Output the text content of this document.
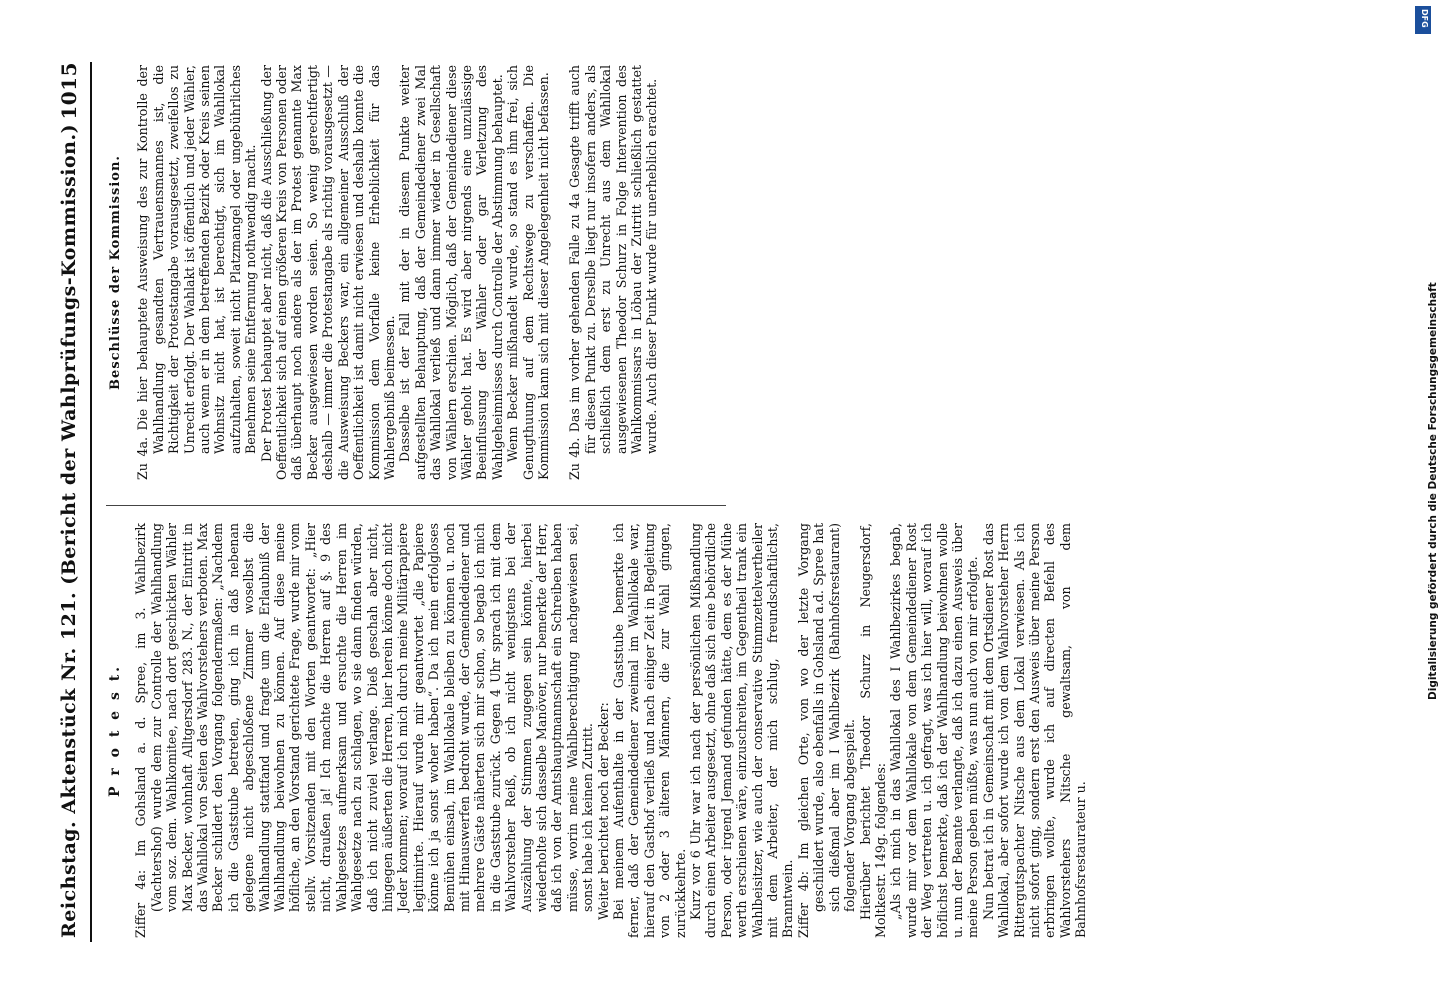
Reichstag. Aktenstück Nr. 121. (Bericht der Wahlprüfungs-Kommission.)
1015
P r o t e s t. Ziffer 4a: Im Gohsland a. d. Spree, im 3. Wahlbezirk (Vachtershof) wurde dem zur Controlle der Wahlhandlung vom soz. dem. Wahlkomitee, nach dort geschickten Wähler Max Becker, wohnhaft Alltgersdorf 283. N., der Eintritt in das Wahllokal von Seiten des Wahlvorstehers verboten. Max Becker schildert den Vorgang folgendermaßen: „Nachdem ich die Gaststube betreten, ging ich in daß nebenan gelegene nicht abgeschloßene Zimmer woselbst die Wahlhandlung stattfand und fragte um die Erlaubniß der Wahlhandlung beiwohnen zu können. Auf diese meine höfliche, an den Vorstand gerichtete Frage, wurde mir vom stellv. Vorsitzenden mit den Worten geantwortet: „Hier nicht, draußen ja! Ich machte die Herren auf §. 9 des Wahlgesetzes aufmerksam und ersuchte die Herren im Wahlgesetze nach zu schlagen, wo sie dann finden würden, daß ich nicht zuviel verlange. Dieß geschah aber nicht, hingegen äußerten die Herren, hier herein könne doch nicht Jeder kommen; worauf ich mich durch meine Militärpapiere legitimirte. Hierauf wurde mir geantwortet „die Papiere könne ich ja sonst woher haben“. Da ich mein erfolgloses Bemühen einsah, im Wahllokale bleiben zu können u. noch mit Hinauswerfen bedroht wurde, der Gemeindediener und mehrere Gäste näherten sich mir schon, so begab ich mich in die Gaststube zurück. Gegen 4 Uhr sprach ich mit dem Wahlvorsteher Reiß, ob ich nicht wenigstens bei der Auszählung der Stimmen zugegen sein könnte, hierbei wiederholte sich dasselbe Manöver, nur bemerkte der Herr, daß ich von der Amtshauptmannschaft ein Schreiben haben müsse, worin meine Wahlberechtigung nachgewiesen sei, sonst habe ich keinen Zutritt. Weiter berichtet noch der Becker: Bei meinem Aufenthalte in der Gaststube bemerkte ich ferner, daß der Gemeindediener zweimal im Wahllokale war, hierauf den Gasthof verließ und nach einiger Zeit in Begleitung von 2 oder 3 älteren Männern, die zur Wahl gingen, zurückkehrte. Kurz vor 6 Uhr war ich nach der persönlichen Mißhandlung durch einen Arbeiter ausgesetzt, ohne daß sich eine behördliche Person, oder irgend Jemand gefunden hätte, dem es der Mühe werth erschienen wäre, einzuschreiten, im Gegentheil trank ein Wahlbeisitzer, wie auch der conservative Stimmzettelvertheiler mit dem Arbeiter, der mich schlug, freundschaftlichst, Branntwein. Ziffer 4b: Im gleichen Orte, von wo der letzte Vorgang geschildert wurde, also ebenfalls in Gohsland a.d. Spree hat sich dießmal aber im I Wahlbezirk (Bahnhofsrestaurant) folgender Vorgang abgespielt. Hierüber berichtet Theodor Schurz in Neugersdorf, Moltkestr. 149g. folgendes: „Als ich mich in das Wahllokal des I Wahlbezirkes begab, wurde mir vor dem Wahllokale von dem Gemeindediener Rost der Weg vertreten u. ich gefragt, was ich hier will, worauf ich höflichst bemerkte, daß ich der Wahlhandlung beiwohnen wolle u. nun der Beamte verlangte, daß ich dazu einen Ausweis über meine Person geben müßte, was nun auch von mir erfolgte. Nun betrat ich in Gemeinschaft mit dem Ortsdiener Rost das Wahllokal, aber sofort wurde ich von dem Wahlvorsteher Herrn Rittergutspachter Nitsche aus dem Lokal verwiesen. Als ich nicht sofort ging, sondern erst den Ausweis über meine Person erbringen wollte, wurde ich auf directen Befehl des Wahlvorstehers Nitsche gewaltsam, von dem Bahnhofsrestaurateur u.

Beschlüsse der Kommission. Zu 4a. Die hier behauptete Ausweisung des zur Kontrolle der Wahlhandlung gesandten Vertrauensmannes ist, die Richtigkeit der Protestangabe vorausgesetzt, zweifellos zu Unrecht erfolgt. Der Wahlakt ist öffentlich und jeder Wähler, auch wenn er in dem betreffenden Bezirk oder Kreis seinen Wohnsitz nicht hat, ist berechtigt, sich im Wahllokal aufzuhalten, soweit nicht Platzmangel oder ungebührliches Benehmen seine Entfernung nothwendig macht. Der Protest behauptet aber nicht, daß die Ausschließung der Oeffentlichkeit sich auf einen größeren Kreis von Personen oder daß überhaupt noch andere als der im Protest genannte Max Becker ausgewiesen worden seien. So wenig gerechtfertigt deshalb — immer die Protestangabe als richtig vorausgesetzt — die Ausweisung Beckers war, ein allgemeiner Ausschluß der Oeffentlichkeit ist damit nicht erwiesen und deshalb konnte die Kommission dem Vorfalle keine Erheblichkeit für das Wahlergebniß beimessen. Dasselbe ist der Fall mit der in diesem Punkte weiter aufgestellten Behauptung, daß der Gemeindediener zwei Mal das Wahllokal verließ und dann immer wieder in Gesellschaft von Wählern erschien. Möglich, daß der Gemeindediener diese Wähler geholt hat. Es wird aber nirgends eine unzulässige Beeinflussung der Wähler oder gar Verletzung des Wahlgeheimnisses durch Controlle der Abstimmung behauptet. Wenn Becker mißhandelt wurde, so stand es ihm frei, sich Genugthuung auf dem Rechtswege zu verschaffen. Die Kommission kann sich mit dieser Angelegenheit nicht befassen. Zu 4b. Das im vorher gehenden Falle zu 4a Gesagte trifft auch für diesen Punkt zu. Derselbe liegt nur insofern anders, als schließlich dem erst zu Unrecht aus dem Wahllokal ausgewiesenen Theodor Schurz in Folge Intervention des Wahlkommissars in Löbau der Zutritt schließlich gestattet wurde. Auch dieser Punkt wurde für unerheblich erachtet.

DFG
Digitalisierung gefördert durch die Deutsche Forschungsgemeinschaft
